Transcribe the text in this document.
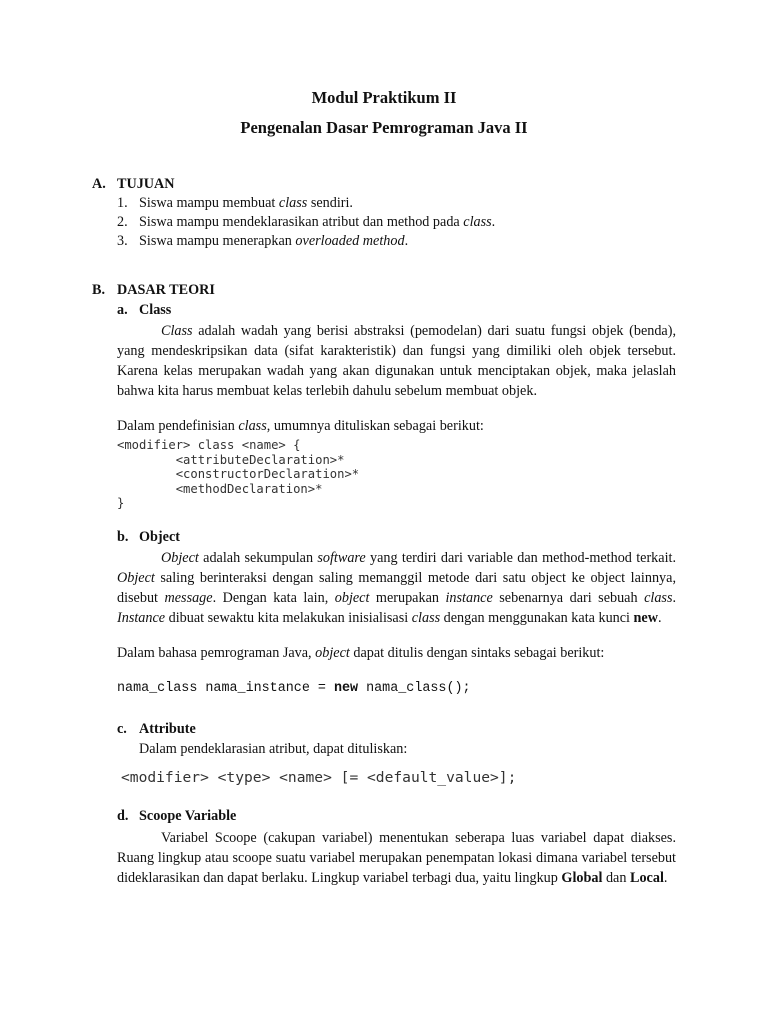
Modul Praktikum II
Pengenalan Dasar Pemrograman Java II
A. TUJUAN
1. Siswa mampu membuat class sendiri.
2. Siswa mampu mendeklarasikan atribut dan method pada class.
3. Siswa mampu menerapkan overloaded method.
B. DASAR TEORI
a. Class

Class adalah wadah yang berisi abstraksi (pemodelan) dari suatu fungsi objek (benda), yang mendeskripsikan data (sifat karakteristik) dan fungsi yang dimiliki oleh objek tersebut. Karena kelas merupakan wadah yang akan digunakan untuk menciptakan objek, maka jelaslah bahwa kita harus membuat kelas terlebih dahulu sebelum membuat objek.

Dalam pendefinisian class, umumnya dituliskan sebagai berikut:
<modifier> class <name> {
<attributeDeclaration>*
<constructorDeclaration>*
<methodDeclaration>*
}
b. Object

Object adalah sekumpulan software yang terdiri dari variable dan method-method terkait. Object saling berinteraksi dengan saling memanggil metode dari satu object ke object lainnya, disebut message. Dengan kata lain, object merupakan instance sebenarnya dari sebuah class. Instance dibuat sewaktu kita melakukan inisialisasi class dengan menggunakan kata kunci new.

Dalam bahasa pemrograman Java, object dapat ditulis dengan sintaks sebagai berikut:
nama_class nama_instance = new nama_class();
c. Attribute
Dalam pendeklarasian atribut, dapat dituliskan:
<modifier> <type> <name> [= <default_value>];
d. Scoope Variable

Variabel Scoope (cakupan variabel) menentukan seberapa luas variabel dapat diakses. Ruang lingkup atau scoope suatu variabel merupakan penempatan lokasi dimana variabel tersebut dideklarasikan dan dapat berlaku. Lingkup variabel terbagi dua, yaitu lingkup Global dan Local.
